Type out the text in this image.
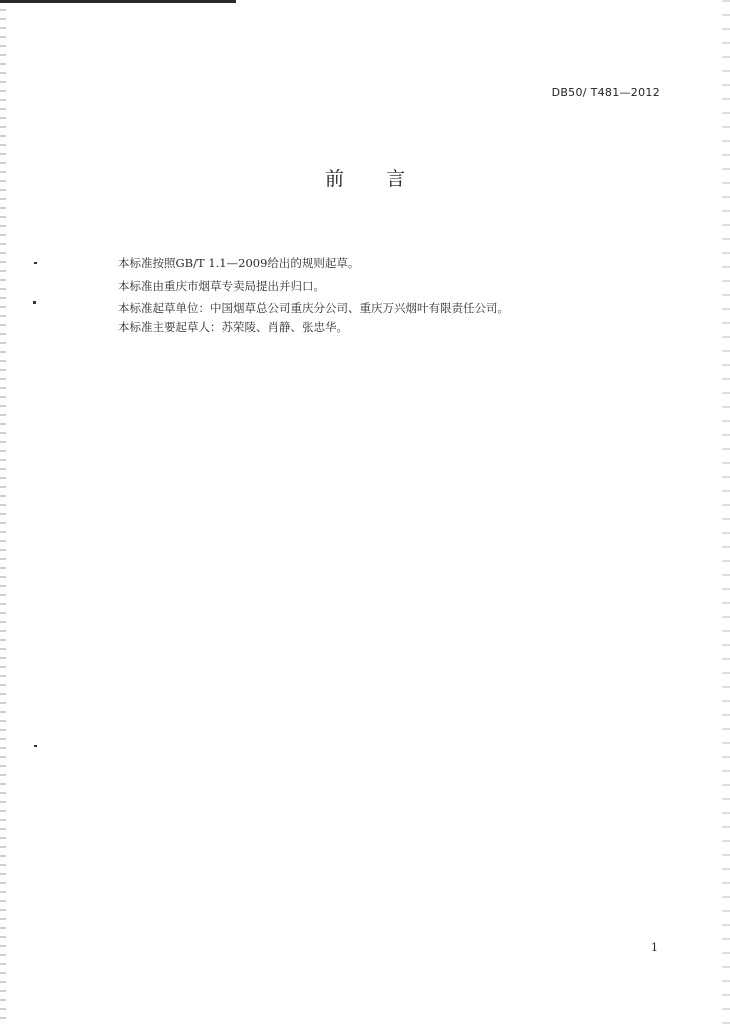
DB50/ T481—2012
前 言

本标准按照GB/T 1.1—2009给出的规则起草。

本标准由重庆市烟草专卖局提出并归口。

本标准起草单位：中国烟草总公司重庆分公司、重庆万兴烟叶有限责任公司。

本标准主要起草人：苏荣陵、肖静、张忠华。

1
